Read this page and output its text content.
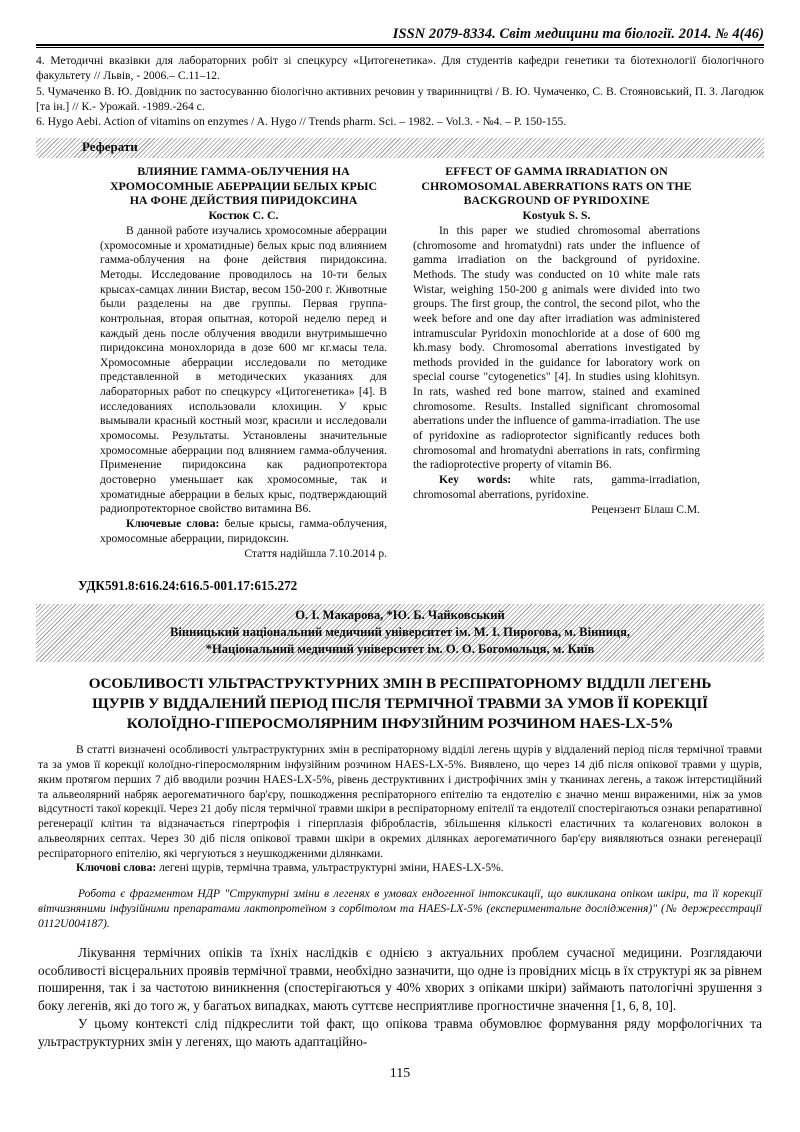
ISSN 2079-8334. Світ медицини та біології. 2014. № 4(46)

4. Методичні вказівки для лабораторних робіт зі спецкурсу «Цитогенетика». Для студентів кафедри генетики та біотехнології біологічного факультету // Львів, - 2006.– С.11–12.

5. Чумаченко В. Ю. Довідник по застосуванню біологічно активних речовин у тваринництві / В. Ю. Чумаченко, С. В. Стояновський, П. З. Лагодюк [та ін.] // К.- Урожай. -1989.-264 с.

6. Hygo Aebi. Action of vitamins on enzymes / A. Hygo // Trends pharm. Sci. – 1982. – Vol.3. - №4. – Р. 150-155.

Реферати
ВЛИЯНИЕ ГАММА-ОБЛУЧЕНИЯ НА ХРОМОСОМНЫЕ АБЕРРАЦИИ БЕЛЫХ КРЫС НА ФОНЕ ДЕЙСТВИЯ ПИРИДОКСИНА
Костюк С. С.

В данной работе изучались хромосомные аберрации (хромосомные и хроматидные) белых крыс под влиянием гамма-облучения на фоне действия пиридоксина. Методы. Исследование проводилось на 10-ти белых крысах-самцах линии Вистар, весом 150-200 г. Животные были разделены на две группы. Первая группа-контрольная, вторая опытная, которой неделю перед и каждый день после облучения вводили внутримышечно пиридоксина монохлорида в дозе 600 мг кг.масы тела. Хромосомные аберрации исследовали по методике представленной в методических указаниях для лабораторных работ по спецкурсу «Цитогенетика» [4]. В исследованиях использовали клохицин. У крыс вымывали красный костный мозг, красили и исследовали хромосомы. Результаты. Установлены значительные хромосомные аберрации под влиянием гамма-облучения. Применение пиридоксина как радиопротектора достоверно уменьшает как хромосомные, так и хроматидные аберрации в белых крыс, подтверждающий радиопротекторное свойство витамина В6.

Ключевые слова: белые крысы, гамма-облучения, хромосомные аберрации, пиридоксин.

Стаття надійшла 7.10.2014 р.
EFFECT OF GAMMA IRRADIATION ON CHROMOSOMAL ABERRATIONS RATS ON THE BACKGROUND OF PYRIDOXINE
Kostyuk S. S.

In this paper we studied chromosomal aberrations (chromosome and hromatydni) rats under the influence of gamma irradiation on the background of pyridoxine. Methods. The study was conducted on 10 white male rats Wistar, weighing 150-200 g animals were divided into two groups. The first group, the control, the second pilot, who the week before and one day after irradiation was administered intramuscular Pyridoxin monochloride at a dose of 600 mg kh.masy body. Chromosomal aberrations investigated by methods provided in the guidance for laboratory work on special course "cytogenetics" [4]. In studies using klohitsyn. In rats, washed red bone marrow, stained and examined chromosome. Results. Installed significant chromosomal aberrations under the influence of gamma-irradiation. The use of pyridoxine as radioprotector significantly reduces both chromosomal and hromatydni aberrations in rats, confirming the radioprotective property of vitamin B6.

Key words: white rats, gamma-irradiation, chromosomal aberrations, pyridoxine.

Рецензент Білаш С.М.
УДК591.8:616.24:616.5-001.17:615.272
О. І. Макарова, *Ю. Б. Чайковський
Вінницький національний медичний університет ім. М. І. Пирогова, м. Вінниця,
*Національний медичний університет ім. О. О. Богомольця, м. Київ
ОСОБЛИВОСТІ УЛЬТРАСТРУКТУРНИХ ЗМІН В РЕСПІРАТОРНОМУ ВІДДІЛІ ЛЕГЕНЬ
ЩУРІВ У ВІДДАЛЕНИЙ ПЕРІОД ПІСЛЯ ТЕРМІЧНОЇ ТРАВМИ ЗА УМОВ ЇЇ КОРЕКЦІЇ
КОЛОЇДНО-ГІПЕРОСМОЛЯРНИМ ІНФУЗІЙНИМ РОЗЧИНОМ HAES-LX-5%

В статті визначені особливості ультраструктурних змін в респіраторному відділі легень щурів у віддалений період після термічної травми та за умов її корекції колоїдно-гіперосмолярним інфузійним розчином HAES-LX-5%. Виявлено, що через 14 діб після опікової травми у щурів, яким протягом перших 7 діб вводили розчин HAES-LX-5%, рівень деструктивних і дистрофічних змін у тканинах легень, а також інтерстиційний та альвеолярний набряк аерогематичного бар'єру, пошкодження респіраторного епітелію та ендотелію є значно менш вираженими, ніж за умов відсутності такої корекції. Через 21 добу після термічної травми шкіри в респіраторному епітелії та ендотелії спостерігаються ознаки репаративної регенерації клітин та відзначається гіпертрофія і гіперплазія фібробластів, збільшення кількості еластичних та колагенових волокон в альвеолярних септах. Через 30 діб після опікової травми шкіри в окремих ділянках аерогематичного бар'єру виявляються ознаки регенерації респіраторного епітелію, які чергуються з неушкодженими ділянками.

Ключові слова: легені щурів, термічна травма, ультраструктурні зміни, HAES-LX-5%.

Робота є фрагментом НДР "Структурні зміни в легенях в умовах ендогенної інтоксикації, що викликана опіком шкіри, та її корекції вітчизняними інфузійними препаратами лактопротеїном з сорбітолом та HAES-LX-5% (експериментальне дослідження)" (№ держреєстрації 0112U004187).

Лікування термічних опіків та їхніх наслідків є однією з актуальних проблем сучасної медицини. Розглядаючи особливості вісцеральних проявів термічної травми, необхідно зазначити, що одне із провідних місць в їх структурі як за рівнем поширення, так і за частотою виникнення (спостерігаються у 40% хворих з опіками шкіри) займають патологічні зрушення з боку легенів, які до того ж, у багатьох випадках, мають суттєве несприятливе прогностичне значення [1, 6, 8, 10].

У цьому контексті слід підкреслити той факт, що опікова травма обумовлює формування ряду морфологічних та ультраструктурних змін у легенях, що мають адаптаційно-

115
